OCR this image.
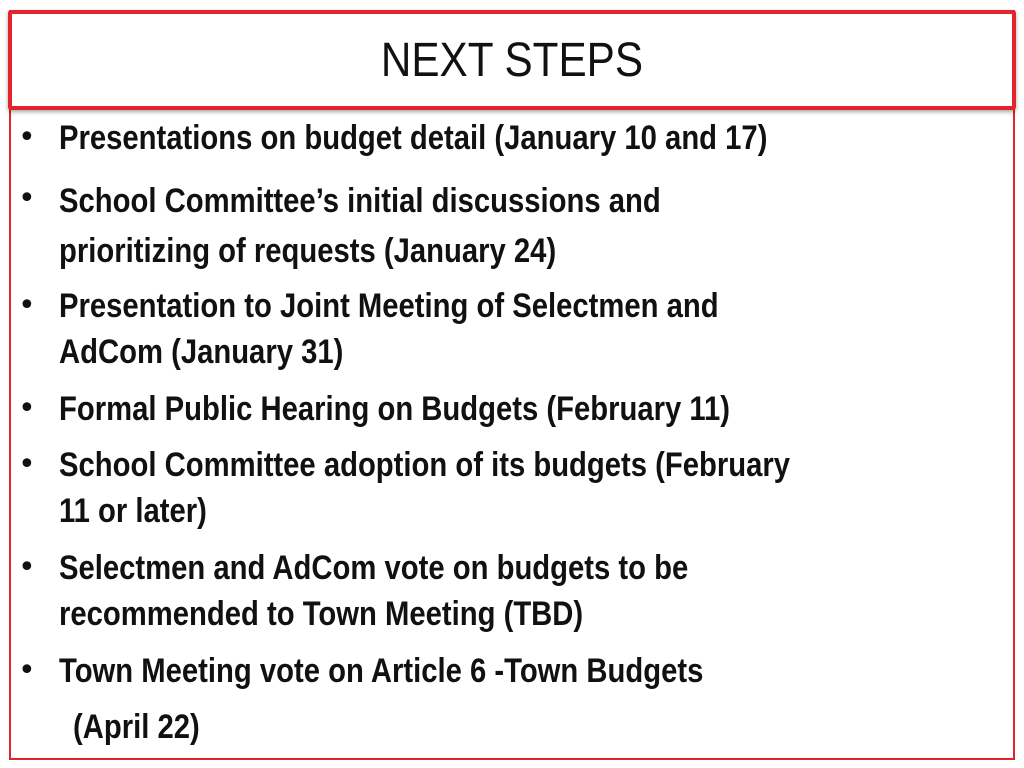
NEXT STEPS
• Presentations on budget detail (January 10 and 17)
• School Committee’s initial discussions and
prioritizing of requests (January 24)
• Presentation to Joint Meeting of Selectmen and
AdCom (January 31)
• Formal Public Hearing on Budgets (February 11)
• School Committee adoption of its budgets (February
11 or later)
• Selectmen and AdCom vote on budgets to be
recommended to Town Meeting (TBD)
• Town Meeting vote on Article 6 -Town Budgets
(April 22)
